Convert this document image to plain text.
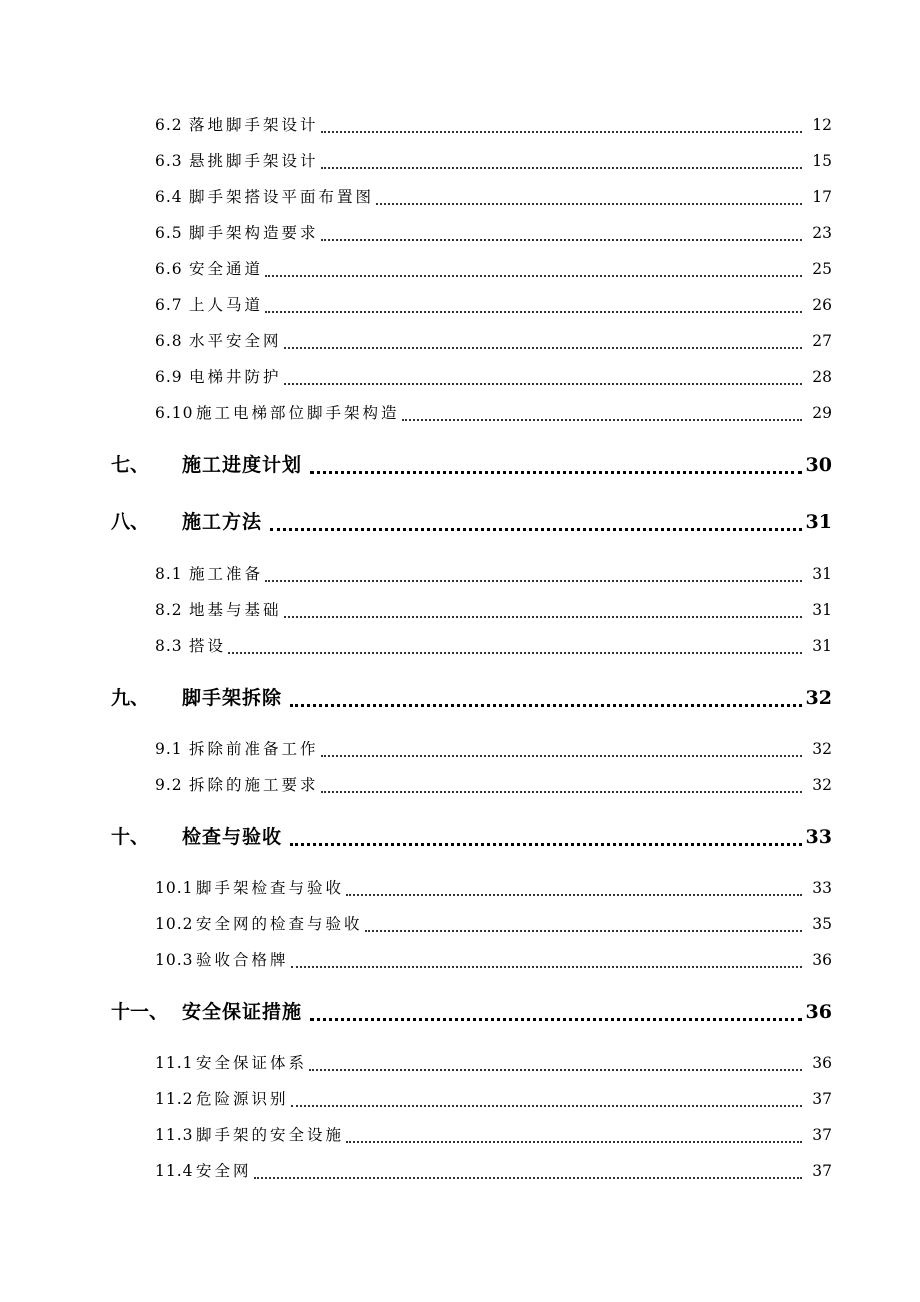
6.2 落地脚手架设计	12
6.3 悬挑脚手架设计	15
6.4 脚手架搭设平面布置图	17
6.5 脚手架构造要求	23
6.6 安全通道	25
6.7 上人马道	26
6.8 水平安全网	27
6.9 电梯井防护	28
6.10 施工电梯部位脚手架构造	29
七、 施工进度计划	30
八、 施工方法	31
8.1 施工准备	31
8.2 地基与基础	31
8.3 搭设	31
九、 脚手架拆除	32
9.1 拆除前准备工作	32
9.2 拆除的施工要求	32
十、 检查与验收	33
10.1 脚手架检查与验收	33
10.2 安全网的检查与验收	35
10.3 验收合格牌	36
十一、 安全保证措施	36
11.1 安全保证体系	36
11.2 危险源识别	37
11.3 脚手架的安全设施	37
11.4 安全网	37
